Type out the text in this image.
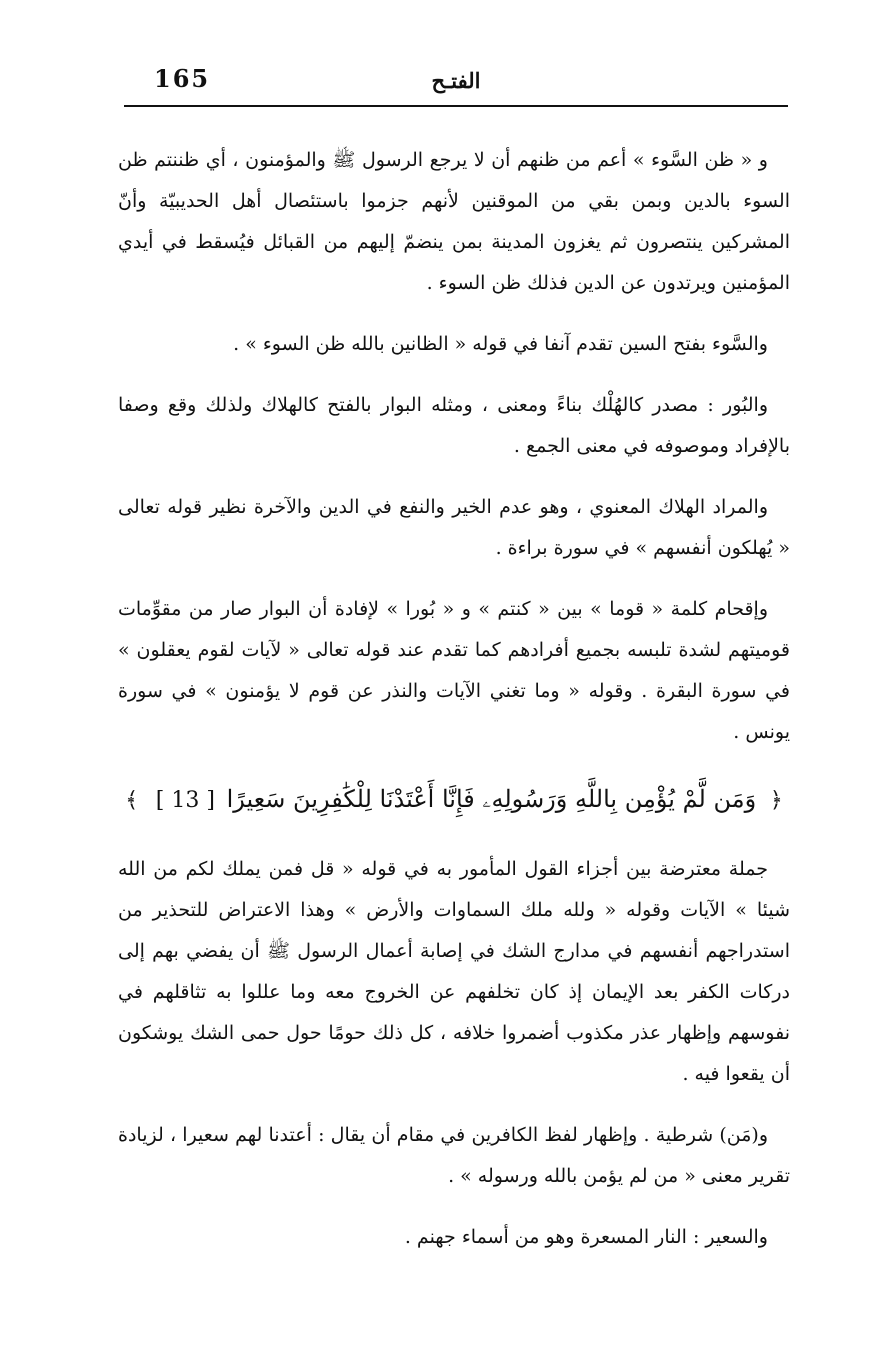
165	الفتـح

و « ظن السَّوء » أعم من ظنهم أن لا يرجع الرسول ﷺ والمؤمنون ، أي ظننتم ظن السوء بالدين وبمن بقي من الموقنين لأنهم جزموا باستئصال أهل الحديبيّة وأنّ المشركين ينتصرون ثم يغزون المدينة بمن ينضمّ إليهم من القبائل فيُسقط في أيدي المؤمنين ويرتدون عن الدين فذلك ظن السوء .

والسَّوء بفتح السين تقدم آنفا في قوله « الظانين بالله ظن السوء » .

والبُور : مصدر كالهُلْك بناءً ومعنى ، ومثله البوار بالفتح كالهلاك ولذلك وقع وصفا بالإفراد وموصوفه في معنى الجمع .

والمراد الهلاك المعنوي ، وهو عدم الخير والنفع في الدين والآخرة نظير قوله تعالى « يُهلكون أنفسهم » في سورة براءة .

وإقحام كلمة « قوما » بين « كنتم » و « بُورا » لإفادة أن البوار صار من مقوِّمات قوميتهم لشدة تلبسه بجميع أفرادهم كما تقدم عند قوله تعالى « لآيات لقوم يعقلون » في سورة البقرة . وقوله « وما تغني الآيات والنذر عن قوم لا يؤمنون » في سورة يونس .

﴿ وَمَن لَّمْ يُؤْمِن بِاللَّهِ وَرَسُولِهِۦ فَإِنَّا أَعْتَدْنَا لِلْكَٰفِرِينَ سَعِيرًا [ 13 ] ﴾

جملة معترضة بين أجزاء القول المأمور به في قوله « قل فمن يملك لكم من الله شيئا » الآيات وقوله « ولله ملك السماوات والأرض » وهذا الاعتراض للتحذير من استدراجهم أنفسهم في مدارج الشك في إصابة أعمال الرسول ﷺ أن يفضي بهم إلى دركات الكفر بعد الإيمان إذ كان تخلفهم عن الخروج معه وما عللوا به تثاقلهم في نفوسهم وإظهار عذر مكذوب أضمروا خلافه ، كل ذلك حومًا حول حمى الشك يوشكون أن يقعوا فيه .

و(مَن) شرطية . وإظهار لفظ الكافرين في مقام أن يقال : أعتدنا لهم سعيرا ، لزيادة تقرير معنى « من لم يؤمن بالله ورسوله » .

والسعير : النار المسعرة وهو من أسماء جهنم .
